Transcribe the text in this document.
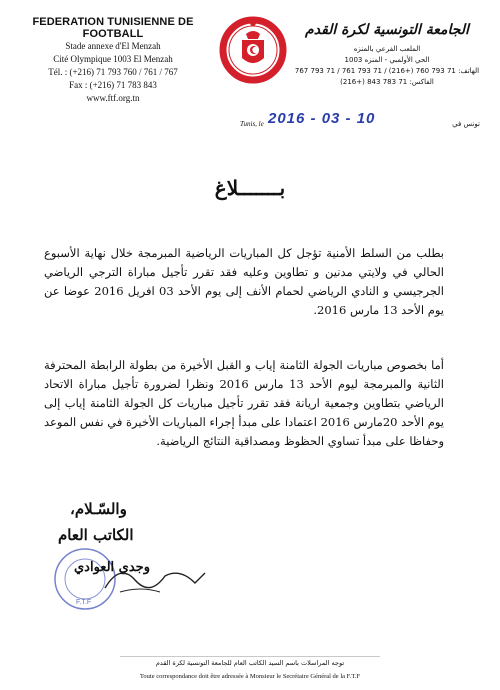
FEDERATION TUNISIENNE DE FOOTBALL
Stade annexe d'El Menzah
Cité Olympique 1003 El Menzah
Tél. : (+216) 71 793 760 / 761 / 767
Fax : (+216) 71 783 843
www.ftf.org.tn
الجامعة التونسية لكرة القدم
الملعب الفرعي بالمنزه
الحي الأولمبي - المنزه 1003
الهاتف: 71 793 760 (+216) / 71 793 761 / 71 793 767
الفاكس: 71 783 843 (+216)
Tunis, le 2016 - 03 - 10	تونس في
بـــــــلاغ
بطلب من السلط الأمنية تؤجل كل المباريات الرياضية المبرمجة خلال نهاية الأسبوع الحالي في ولايتي مدنين و تطاوين وعليه فقد تقرر تأجيل مباراة الترجي الرياضي الجرجيسي و النادي الرياضي لحمام الأنف إلى يوم الأحد 03 افريل 2016 عوضا عن يوم الأحد 13 مارس 2016.
أما بخصوص مباريات الجولة الثامنة إياب و القبل الأخيرة من بطولة الرابطة المحترفة الثانية والمبرمجة ليوم الأحد 13 مارس 2016 ونظرا لضرورة تأجيل مباراة الاتحاد الرياضي بتطاوين وجمعية اريانة فقد تقرر تأجيل مباريات كل الجولة الثامنة إياب إلى يوم الأحد 20مارس 2016 اعتمادا على مبدأ إجراء المباريات الأخيرة في نفس الموعد وحفاظا على مبدأ تساوي الحظوظ ومصداقية النتائج الرياضية.
والسّـلام،
الكاتب العام
F.T.F
وجدي العوادي
توجه المراسلات باسم السيد الكاتب العام للجامعة التونسية لكرة القدم
Toute correspondance doit être adressée à Monsieur le Secrétaire Général de la F.T.F
